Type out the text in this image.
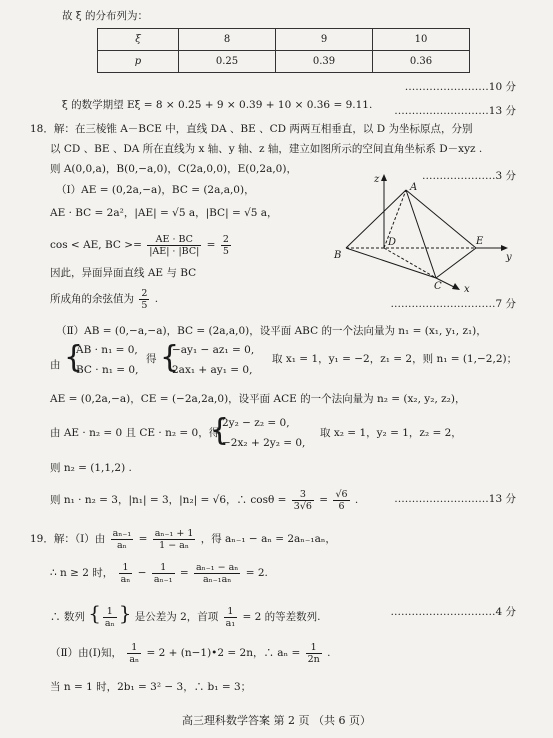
故 ξ 的分布列为：
ξ	8	9	10
p	0.25	0.39	0.36
……………………10 分
ξ 的数学期望 Eξ = 8 × 0.25 + 9 × 0.39 + 10 × 0.36 = 9.11. ………………………13 分
18．解：在三棱锥 A－BCE 中，直线 DA 、BE 、CD 两两互相垂直，以 D 为坐标原点，分别
以 CD 、BE 、DA 所在直线为 x 轴、y 轴、z 轴，建立如图所示的空间直角坐标系 D－xyz .
则 A(0,0,a)，B(0,−a,0)，C(2a,0,0)，E(0,2a,0)，
（Ⅰ）AE = (0,2a,−a)，BC = (2a,a,0)，
…………………3 分
AE · BC = 2a²，|AE| = √5 a，|BC| = √5 a，
cos < AE, BC >= $\frac{AE \cdot BC}{|AE| \cdot |BC|} = \frac{2}{5}$
因此，异面异面直线 AE 与 BC
所成角的余弦值为 $\frac{2}{5}$ .	…………………………7 分
（Ⅱ）AB = (0,−a,−a)，BC = (2a,a,0)，设平面 ABC 的一个法向量为 n₁ = (x₁, y₁, z₁)，
由 {
AB · n₁ = 0,
BC · n₁ = 0,
得 {
−ay₁ − az₁ = 0,
2ax₁ + ay₁ = 0,
取 x₁ = 1，y₁ = −2，z₁ = 2，则 n₁ = (1,−2,2)；
AE = (0,2a,−a)，CE = (−2a,2a,0)，设平面 ACE 的一个法向量为 n₂ = (x₂, y₂, z₂)，
由 AE · n₂ = 0 且 CE · n₂ = 0，得
{
2y₂ − z₂ = 0,
−2x₂ + 2y₂ = 0,
取 x₂ = 1，y₂ = 1，z₂ = 2，
则 n₂ = (1,1,2) .
则 n₁ · n₂ = 3，|n₁| = 3，|n₂| = √6，∴ $\cos\theta = \frac{3}{3√6} = \frac{√6}{6}$ .	………………………13 分
19．解：（Ⅰ）由 $\frac{\text{aₙ₋₁}}{\text{aₙ}} = \frac{\text{aₙ₋₁ + 1}}{\text{1 − aₙ}}$ ，得 aₙ₋₁ − aₙ = 2aₙ₋₁aₙ，
∴ n ≥ 2 时， $\frac{1}{\text{aₙ}} - \frac{1}{\text{aₙ₋₁}} = \frac{\text{aₙ₋₁ − aₙ}}{\text{aₙ₋₁aₙ}} = 2$.
∴ 数列 { $\frac{1}{\text{aₙ}}$ } 是公差为 2，首项 $\frac{1}{\text{a₁}} = 2$ 的等差数列.	…………………………4 分
（Ⅱ）由(Ⅰ)知， $\frac{1}{\text{aₙ}} = 2$ + (n−1)•2 = 2n，∴ $a_n = \frac{1}{2n}$ .
当 n = 1 时，2b₁ = 3² − 3，∴ b₁ = 3；
高三理科数学答案 第 2 页 （共 6 页）
z
A
D
B
E
y
C x
